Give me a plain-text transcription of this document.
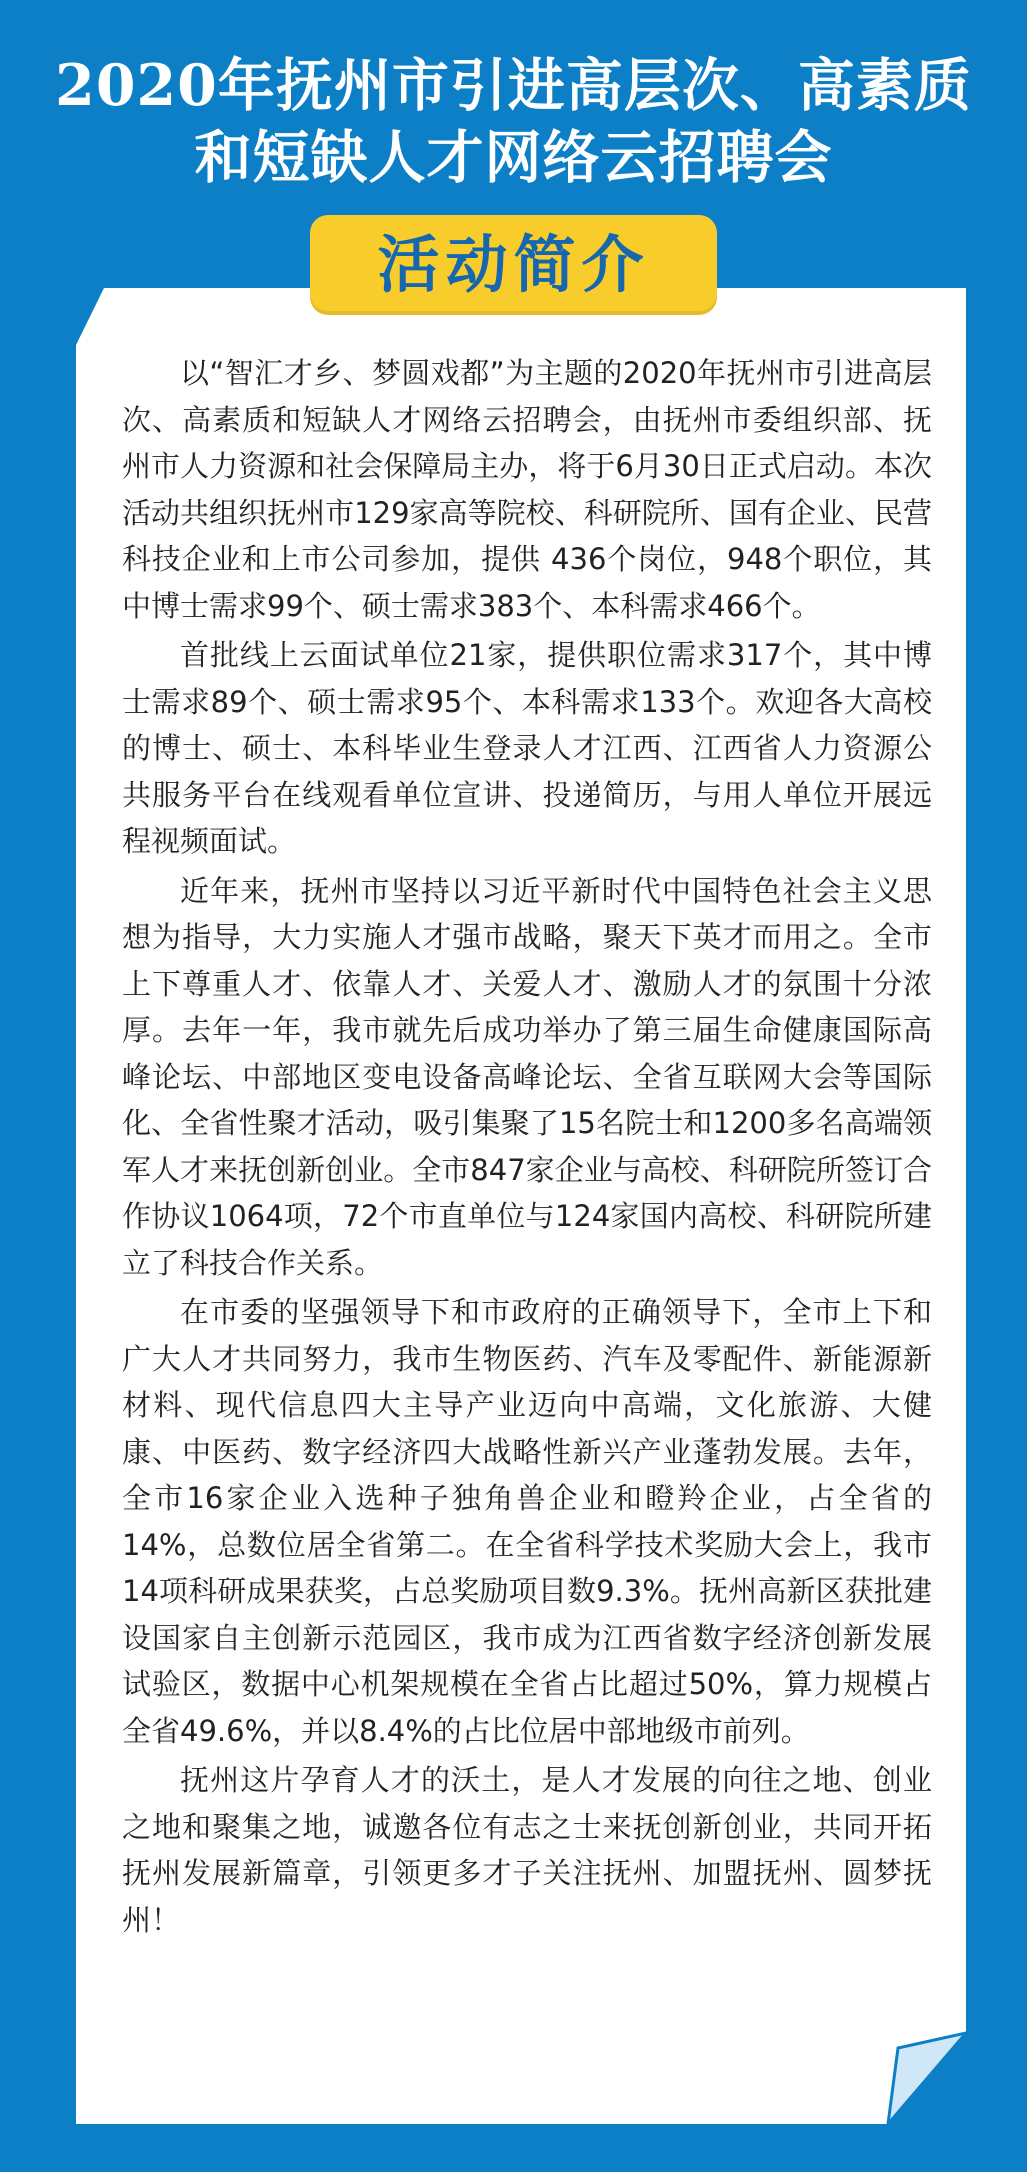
2020年抚州市引进高层次、高素质
和短缺人才网络云招聘会

以“智汇才乡、梦圆戏都”为主题的2020年抚州市引进高层次、高素质和短缺人才网络云招聘会，由抚州市委组织部、抚州市人力资源和社会保障局主办，将于6月30日正式启动。本次活动共组织抚州市129家高等院校、科研院所、国有企业、民营科技企业和上市公司参加，提供 436个岗位，948个职位，其中博士需求99个、硕士需求383个、本科需求466个。

首批线上云面试单位21家，提供职位需求317个，其中博士需求89个、硕士需求95个、本科需求133个。欢迎各大高校的博士、硕士、本科毕业生登录人才江西、江西省人力资源公共服务平台在线观看单位宣讲、投递简历，与用人单位开展远程视频面试。

近年来，抚州市坚持以习近平新时代中国特色社会主义思想为指导，大力实施人才强市战略，聚天下英才而用之。全市上下尊重人才、依靠人才、关爱人才、激励人才的氛围十分浓厚。去年一年，我市就先后成功举办了第三届生命健康国际高峰论坛、中部地区变电设备高峰论坛、全省互联网大会等国际化、全省性聚才活动，吸引集聚了15名院士和1200多名高端领军人才来抚创新创业。全市847家企业与高校、科研院所签订合作协议1064项，72个市直单位与124家国内高校、科研院所建立了科技合作关系。

在市委的坚强领导下和市政府的正确领导下，全市上下和广大人才共同努力，我市生物医药、汽车及零配件、新能源新材料、现代信息四大主导产业迈向中高端，文化旅游、大健康、中医药、数字经济四大战略性新兴产业蓬勃发展。去年，全市16家企业入选种子独角兽企业和瞪羚企业，占全省的14%，总数位居全省第二。在全省科学技术奖励大会上，我市14项科研成果获奖，占总奖励项目数9.3%。抚州高新区获批建设国家自主创新示范园区，我市成为江西省数字经济创新发展试验区，数据中心机架规模在全省占比超过50%，算力规模占全省49.6%，并以8.4%的占比位居中部地级市前列。

抚州这片孕育人才的沃土，是人才发展的向往之地、创业之地和聚集之地，诚邀各位有志之士来抚创新创业，共同开拓抚州发展新篇章，引领更多才子关注抚州、加盟抚州、圆梦抚州！

活动简介
